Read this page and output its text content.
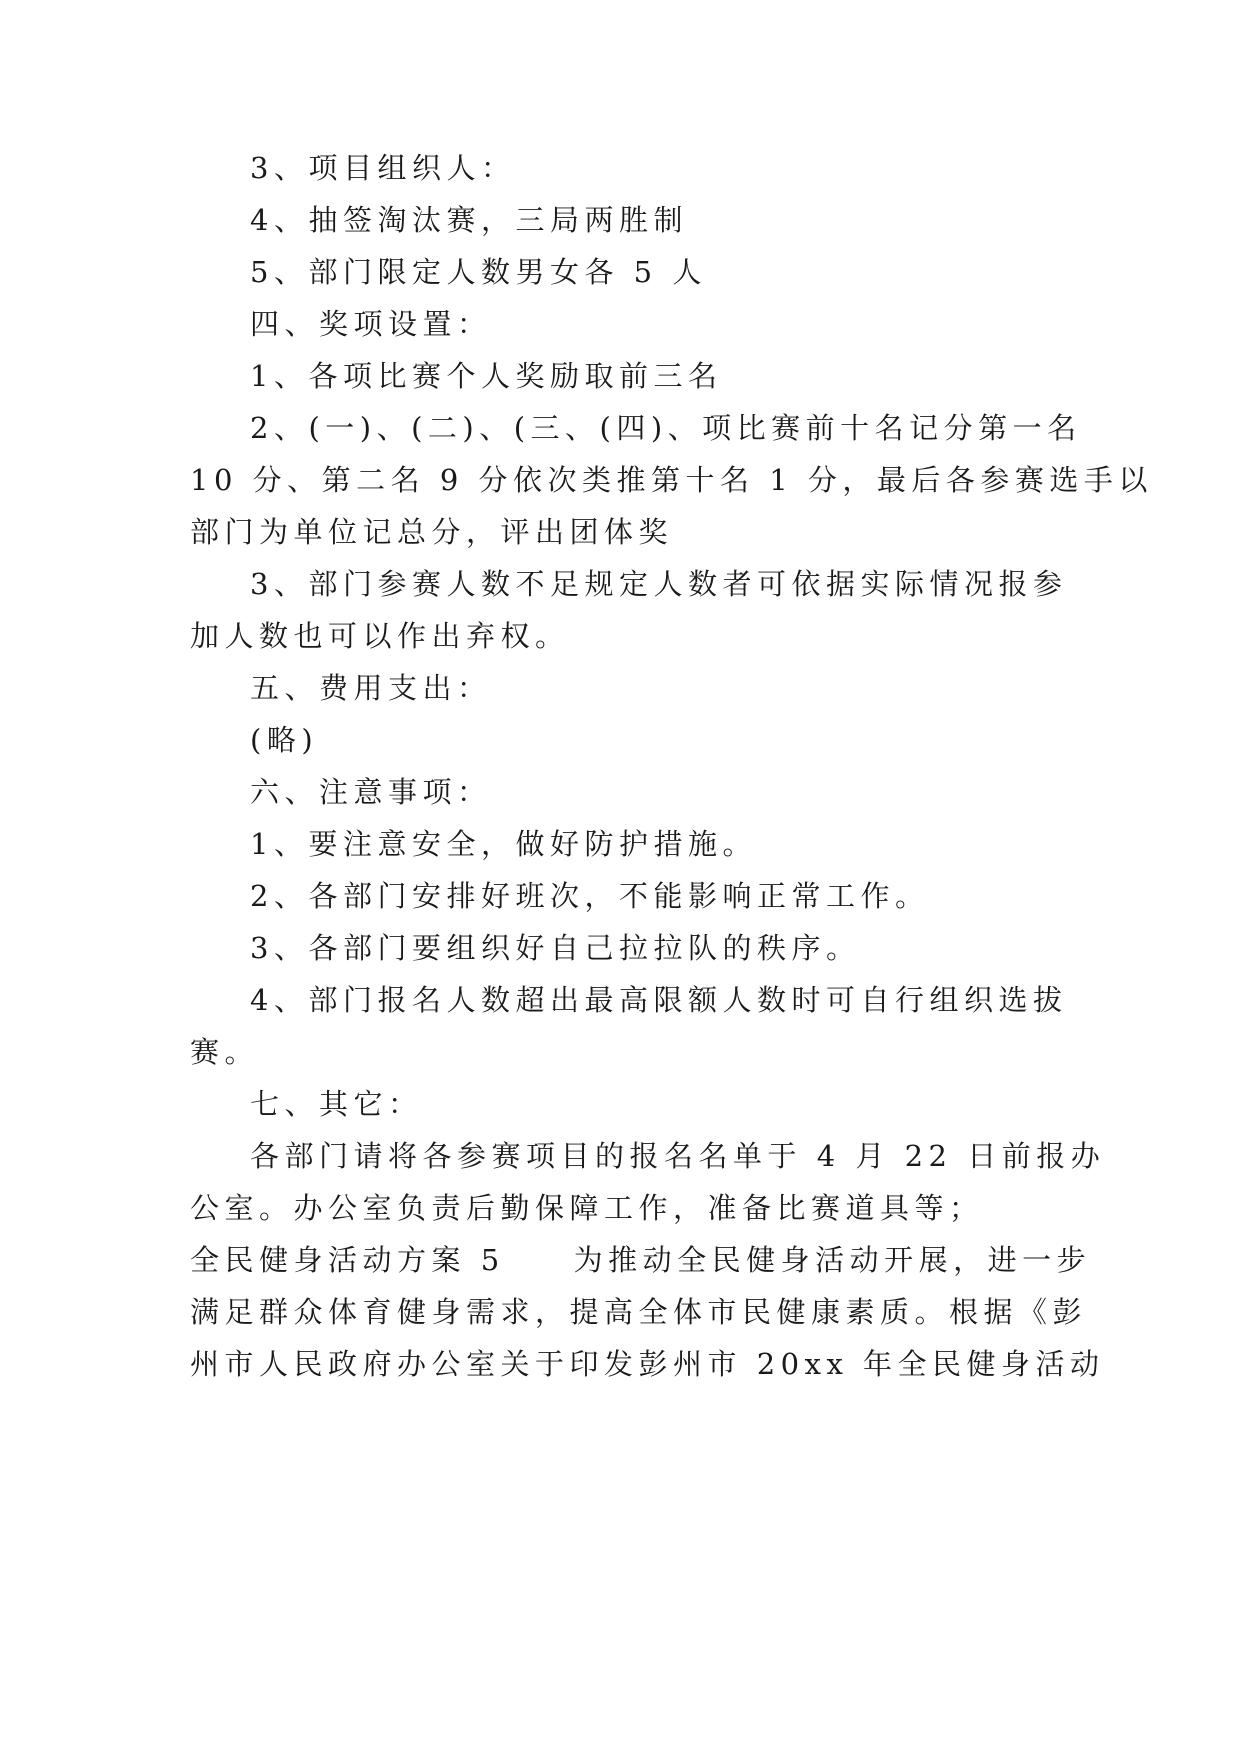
3、项目组织人：
4、抽签淘汰赛，三局两胜制
5、部门限定人数男女各 5 人
四、奖项设置：
1、各项比赛个人奖励取前三名
2、(一)、(二)、(三、(四)、项比赛前十名记分第一名
10 分、第二名 9 分依次类推第十名 1 分，最后各参赛选手以
部门为单位记总分，评出团体奖
3、部门参赛人数不足规定人数者可依据实际情况报参
加人数也可以作出弃权。
五、费用支出：
(略)
六、注意事项：
1、要注意安全，做好防护措施。
2、各部门安排好班次，不能影响正常工作。
3、各部门要组织好自己拉拉队的秩序。
4、部门报名人数超出最高限额人数时可自行组织选拔
赛。
七、其它：
各部门请将各参赛项目的报名名单于 4 月 22 日前报办
公室。办公室负责后勤保障工作，准备比赛道具等；
全民健身活动方案 5　　为推动全民健身活动开展，进一步
满足群众体育健身需求，提高全体市民健康素质。根据《彭
州市人民政府办公室关于印发彭州市 20xx 年全民健身活动
